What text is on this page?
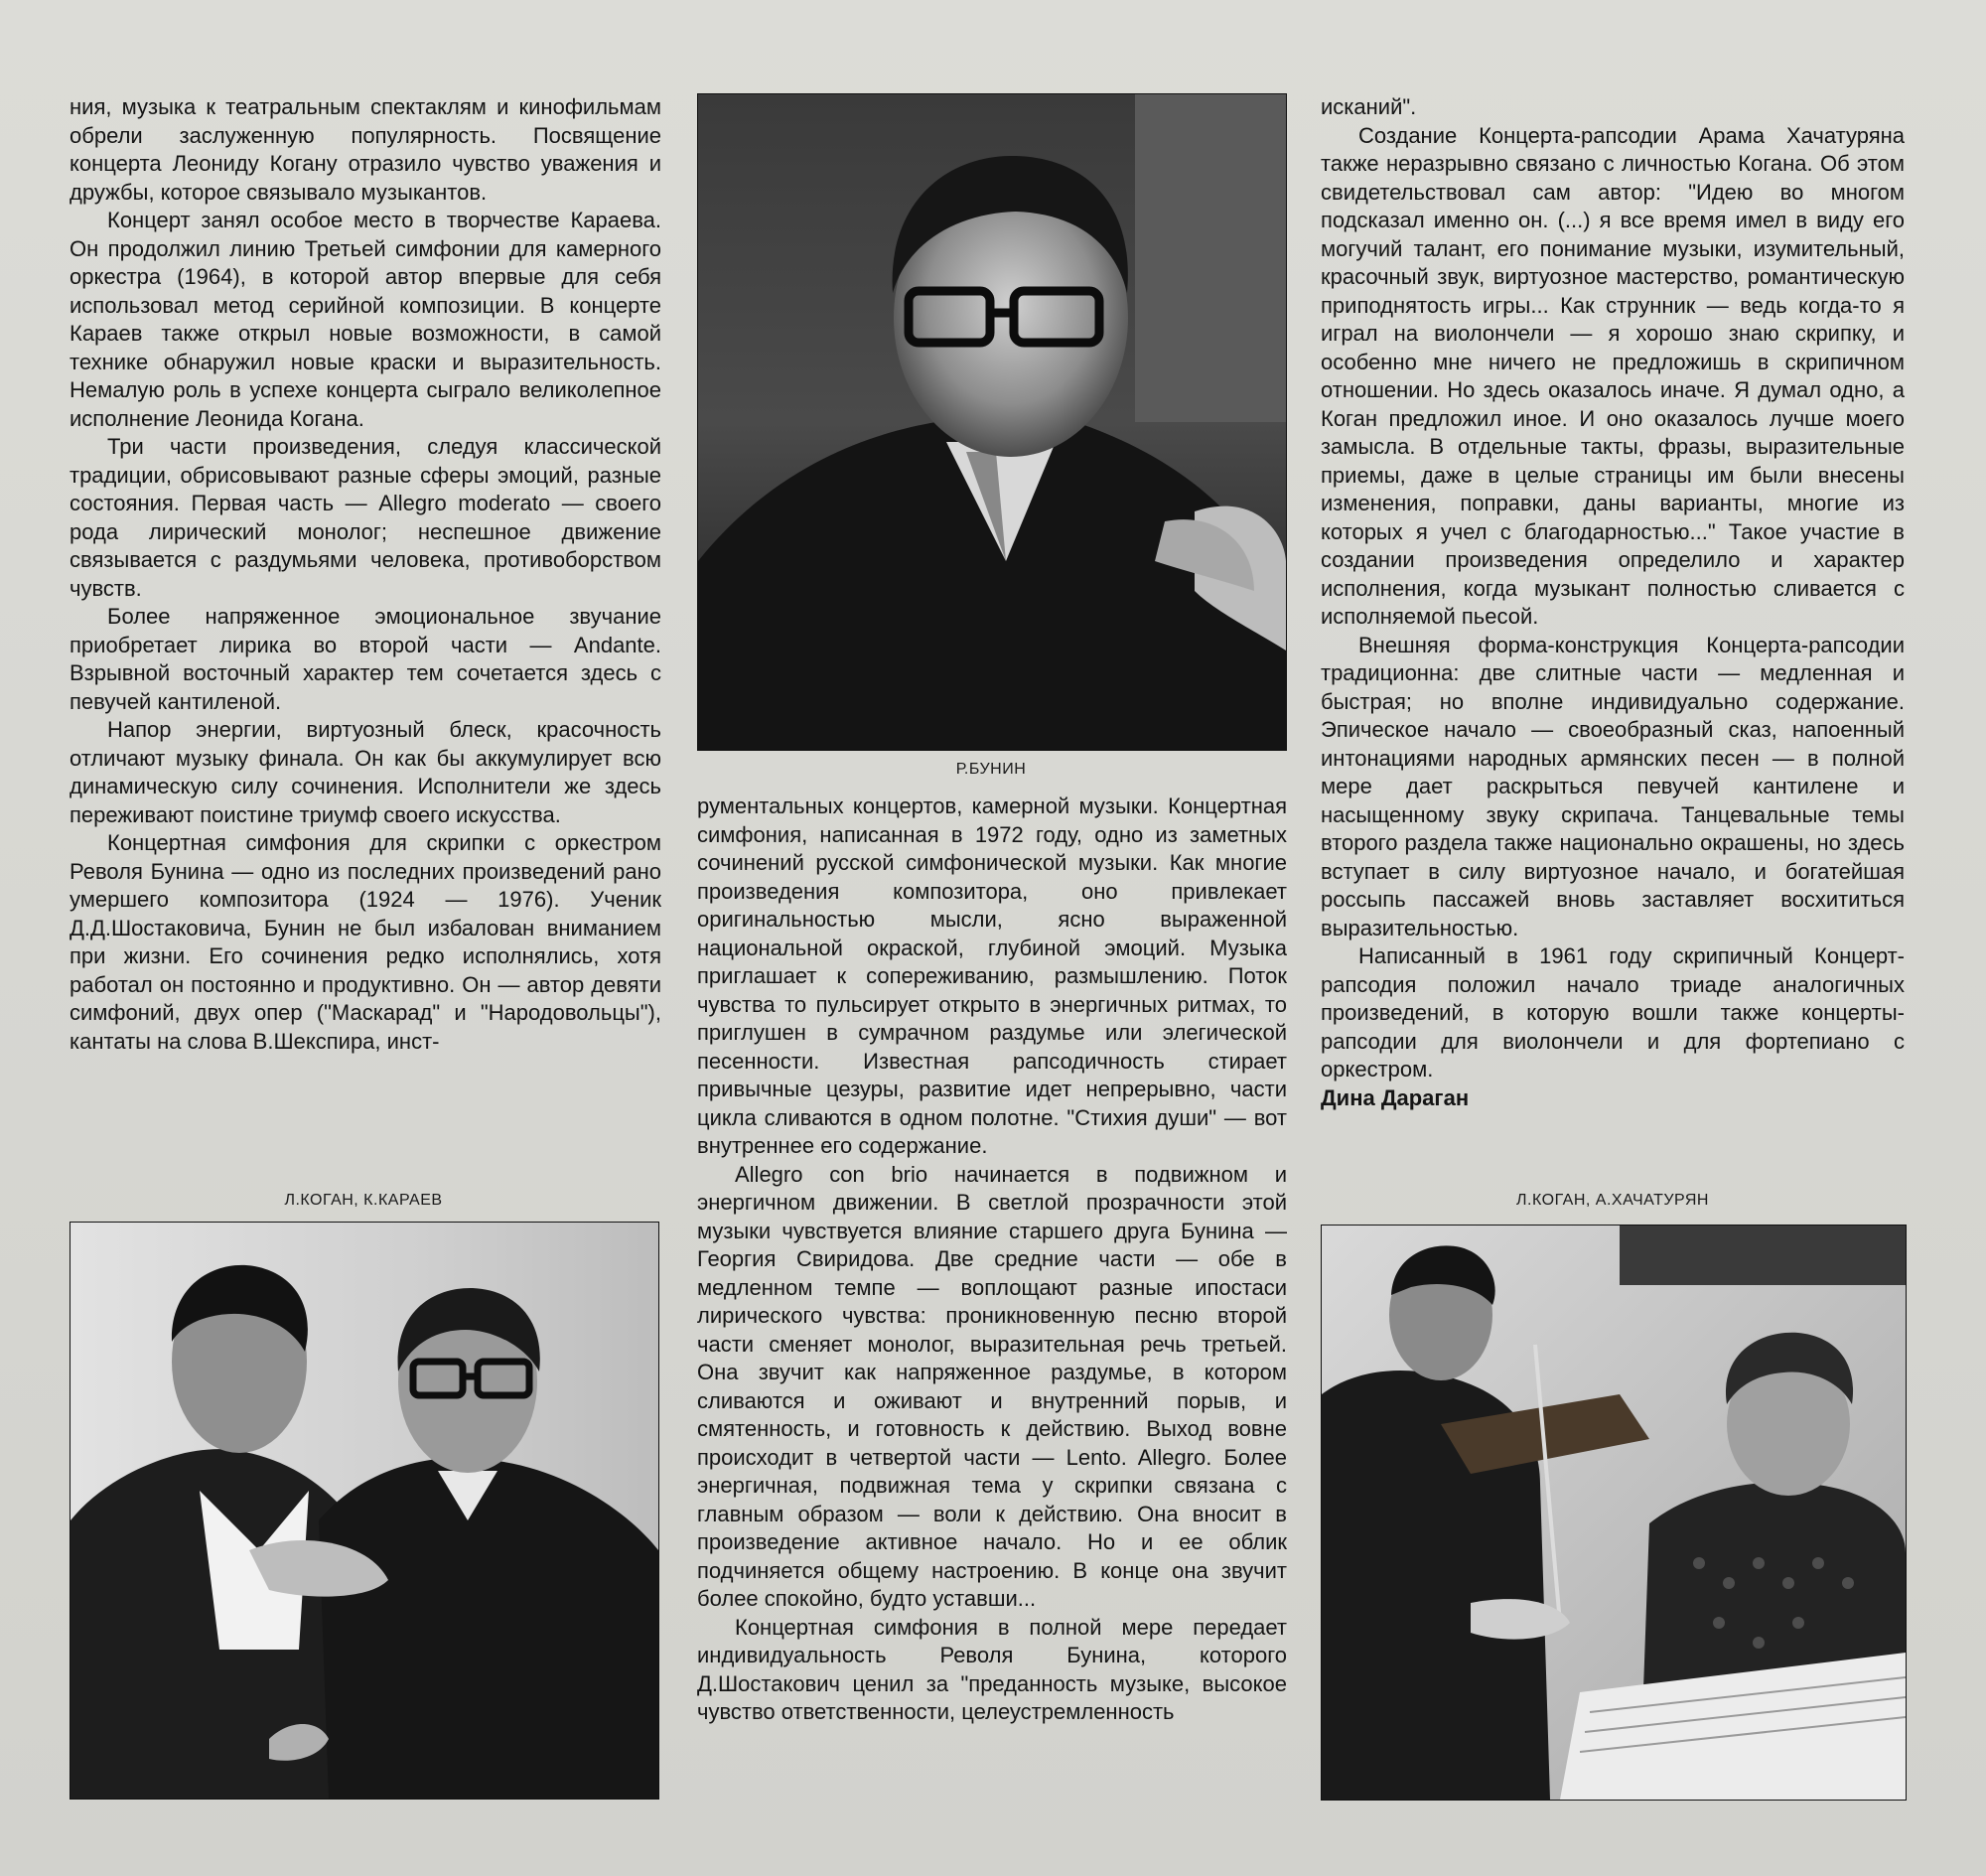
ния, музыка к театральным спектаклям и кинофильмам обрели заслуженную популярность. Посвящение концерта Леониду Когану отразило чувство уважения и дружбы, которое связывало музыкантов.

Концерт занял особое место в творчестве Караева. Он продолжил линию Третьей симфонии для камерного оркестра (1964), в которой автор впервые для себя использовал метод серийной композиции. В концерте Караев также открыл новые возможности, в самой технике обнаружил новые краски и выразительность. Немалую роль в успехе концерта сыграло великолепное исполнение Леонида Когана.

Три части произведения, следуя классической традиции, обрисовывают разные сферы эмоций, разные состояния. Первая часть — Allegro moderato — своего рода лирический монолог; неспешное движение связывается с раздумьями человека, противоборством чувств.

Более напряженное эмоциональное звучание приобретает лирика во второй части — Andante. Взрывной восточный характер тем сочетается здесь с певучей кантиленой.

Напор энергии, виртуозный блеск, красочность отличают музыку финала. Он как бы аккумулирует всю динамическую силу сочинения. Исполнители же здесь переживают поистине триумф своего искусства.

Концертная симфония для скрипки с оркестром Револя Бунина — одно из последних произведений рано умершего композитора (1924 — 1976). Ученик Д.Д.Шостаковича, Бунин не был избалован вниманием при жизни. Его сочинения редко исполнялись, хотя работал он постоянно и продуктивно. Он — автор девяти симфоний, двух опер ("Маскарад" и "Народовольцы"), кантаты на слова В.Шекспира, инст-

Р.БУНИН

рументальных концертов, камерной музыки. Концертная симфония, написанная в 1972 году, одно из заметных сочинений русской симфонической музыки. Как многие произведения композитора, оно привлекает оригинальностью мысли, ясно выраженной национальной окраской, глубиной эмоций. Музыка приглашает к сопереживанию, размышлению. Поток чувства то пульсирует открыто в энергичных ритмах, то приглушен в сумрачном раздумье или элегической песенности. Известная рапсодичность стирает привычные цезуры, развитие идет непрерывно, части цикла сливаются в одном полотне. "Стихия души" — вот внутреннее его содержание.

Allegro con brio начинается в подвижном и энергичном движении. В светлой прозрачности этой музыки чувствуется влияние старшего друга Бунина — Георгия Свиридова. Две средние части — обе в медленном темпе — воплощают разные ипостаси лирического чувства: проникновенную песню второй части сменяет монолог, выразительная речь третьей. Она звучит как напряженное раздумье, в котором сливаются и оживают и внутренний порыв, и смятенность, и готовность к действию. Выход вовне происходит в четвертой части — Lento. Allegro. Более энергичная, подвижная тема у скрипки связана с главным образом — воли к действию. Она вносит в произведение активное начало. Но и ее облик подчиняется общему настроению. В конце она звучит более спокойно, будто уставши...

Концертная симфония в полной мере передает индивидуальность Револя Бунина, которого Д.Шостакович ценил за "преданность музыке, высокое чувство ответственности, целеустремленность

исканий".

Создание Концерта-рапсодии Арама Хачатуряна также неразрывно связано с личностью Когана. Об этом свидетельствовал сам автор: "Идею во многом подсказал именно он. (...) я все время имел в виду его могучий талант, его понимание музыки, изумительный, красочный звук, виртуозное мастерство, романтическую приподнятость игры... Как струнник — ведь когда-то я играл на виолончели — я хорошо знаю скрипку, и особенно мне ничего не предложишь в скрипичном отношении. Но здесь оказалось иначе. Я думал одно, а Коган предложил иное. И оно оказалось лучше моего замысла. В отдельные такты, фразы, выразительные приемы, даже в целые страницы им были внесены изменения, поправки, даны варианты, многие из которых я учел с благодарностью..." Такое участие в создании произведения определило и характер исполнения, когда музыкант полностью сливается с исполняемой пьесой.

Внешняя форма-конструкция Концерта-рапсодии традиционна: две слитные части — медленная и быстрая; но вполне индивидуально содержание. Эпическое начало — своеобразный сказ, напоенный интонациями народных армянских песен — в полной мере дает раскрыться певучей кантилене и насыщенному звуку скрипача. Танцевальные темы второго раздела также национально окрашены, но здесь вступает в силу виртуозное начало, и богатейшая россыпь пассажей вновь заставляет восхититься выразительностью.

Написанный в 1961 году скрипичный Концерт-рапсодия положил начало триаде аналогичных произведений, в которую вошли также концерты-рапсодии для виолончели и для фортепиано с оркестром.

Дина Дараган

Л.КОГАН, К.КАРАЕВ	Л.КОГАН, А.ХАЧАТУРЯН
